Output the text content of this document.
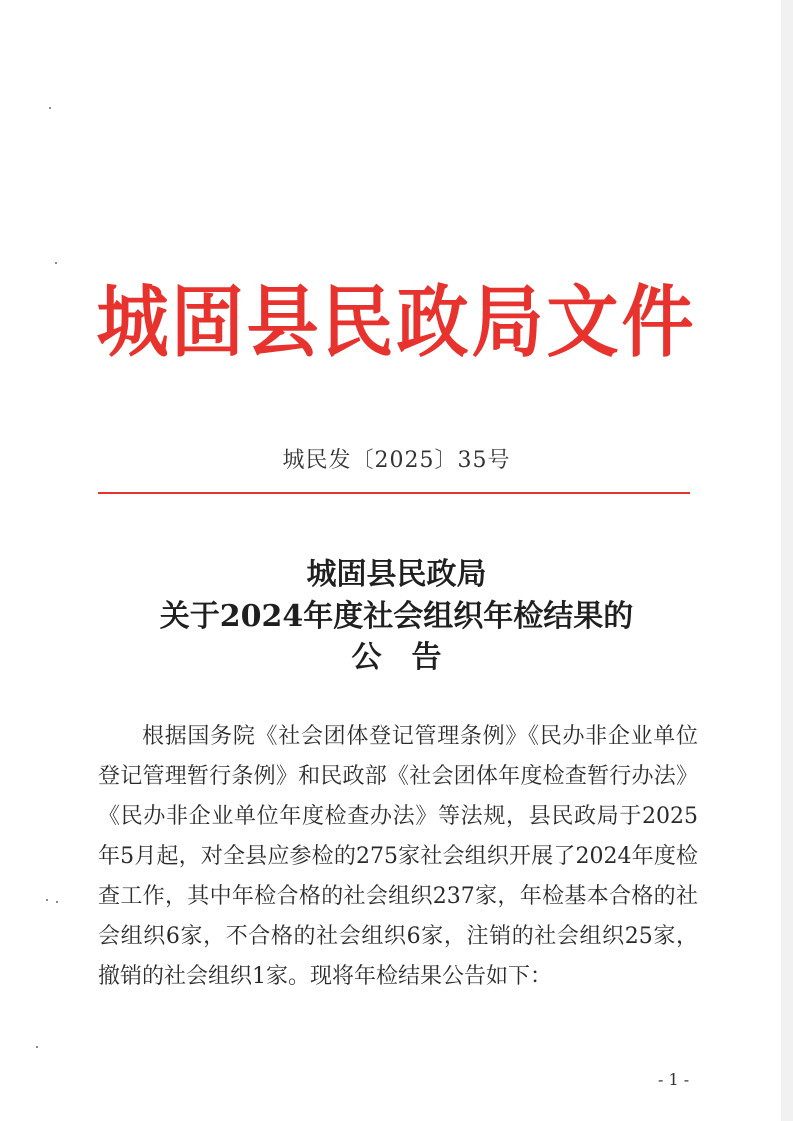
城固县民政局文件
城民发〔2025〕35号
城固县民政局
关于2024年度社会组织年检结果的
公告

根据国务院《社会团体登记管理条例》《民办非企业单位登记管理暂行条例》和民政部《社会团体年度检查暂行办法》《民办非企业单位年度检查办法》等法规，县民政局于2025年5月起，对全县应参检的275家社会组织开展了2024年度检查工作，其中年检合格的社会组织237家，年检基本合格的社会组织6家，不合格的社会组织6家，注销的社会组织25家，撤销的社会组织1家。现将年检结果公告如下：

- 1 -
